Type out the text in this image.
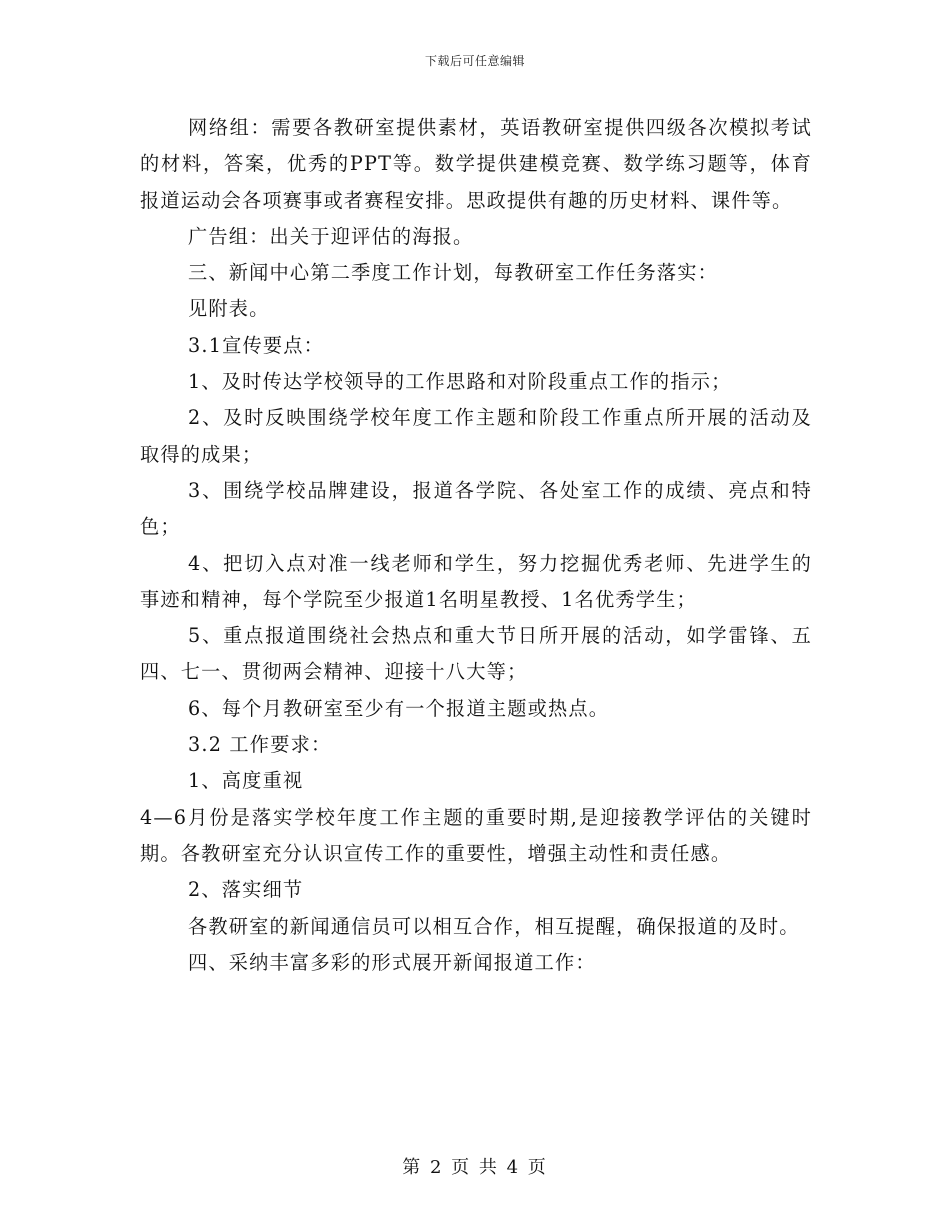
下载后可任意编辑

网络组：需要各教研室提供素材，英语教研室提供四级各次模拟考试的材料，答案，优秀的PPT等。数学提供建模竞赛、数学练习题等，体育报道运动会各项赛事或者赛程安排。思政提供有趣的历史材料、课件等。

广告组：出关于迎评估的海报。

三、新闻中心第二季度工作计划，每教研室工作任务落实：

见附表。

3.1宣传要点：

1、及时传达学校领导的工作思路和对阶段重点工作的指示；

2、及时反映围绕学校年度工作主题和阶段工作重点所开展的活动及取得的成果；

3、围绕学校品牌建设，报道各学院、各处室工作的成绩、亮点和特色；

4、把切入点对准一线老师和学生，努力挖掘优秀老师、先进学生的事迹和精神，每个学院至少报道1名明星教授、1名优秀学生；

5、重点报道围绕社会热点和重大节日所开展的活动，如学雷锋、五四、七一、贯彻两会精神、迎接十八大等；

6、每个月教研室至少有一个报道主题或热点。

3.2 工作要求：

1、高度重视

4—6月份是落实学校年度工作主题的重要时期,是迎接教学评估的关键时期。各教研室充分认识宣传工作的重要性，增强主动性和责任感。

2、落实细节

各教研室的新闻通信员可以相互合作，相互提醒，确保报道的及时。

四、采纳丰富多彩的形式展开新闻报道工作：

第 2 页 共 4 页
